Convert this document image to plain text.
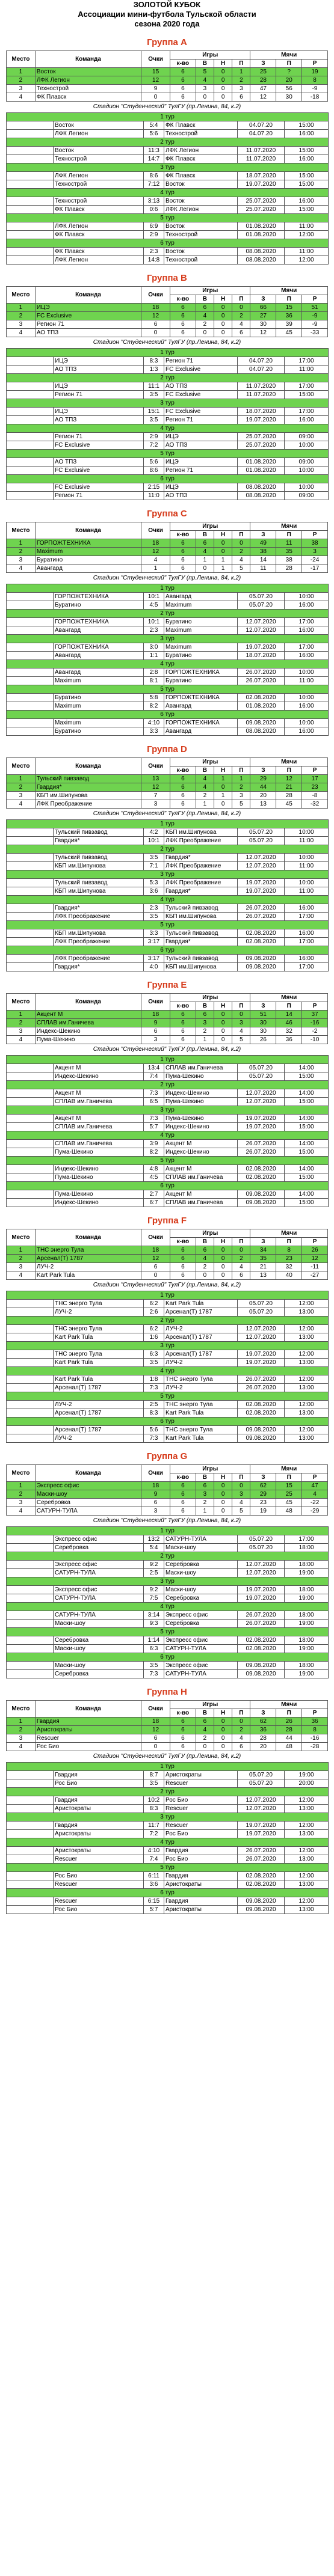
ЗОЛОТОЙ КУБОК
Ассоциации мини-футбола Тульской области
сезона 2020 года
Группа А
Место	Команда	Очки	Игры				Мячи		
			к-во	В	Н	П	З	П	Р
1	Восток	15	6	5	0	1	25	?	19
2	ЛФК Легион	12	6	4	0	2	28	20	8
3	Технострой	9	6	3	0	3	47	56	-9
4	ФК Плавск	0	6	0	0	6	12	30	-18
Стадион "Студенческий" ТулГУ (пр.Ленина, 84, к.2)
1 тур					
	Восток	5:4	ФК Плавск	04.07.20	15:00
	ЛФК Легион	5:6	Технострой	04.07.20	16:00
2 тур					
	Восток	11:3	ЛФК Легион	11.07.2020	15:00
	Технострой	14:7	ФК Плавск	11.07.2020	16:00
3 тур					
	ЛФК Легион	8:6	ФК Плавск	18.07.2020	15:00
	Технострой	7:12	Восток	19.07.2020	15:00
4 тур					
	Технострой	3:13	Восток	25.07.2020	16:00
	ФК Плавск	0:6	ЛФК Легион	25.07.2020	15:00
5 тур					
	ЛФК Легион	6:9	Восток	01.08.2020	11:00
	ФК Плавск	2:9	Технострой	01.08.2020	12:00
6 тур					
	ФК Плавск	2:3	Восток	08.08.2020	11:00
	ЛФК Легион	14:8	Технострой	08.08.2020	12:00
Группа В
Место	Команда	Очки	Игры				Мячи		
			к-во	В	Н	П	З	П	Р
1	ИЦЭ	18	6	6	0	0	66	15	51
2	FC Exclusive	12	6	4	0	2	27	36	-9
3	Регион 71	6	6	2	0	4	30	39	-9
4	АО ТПЗ	0	6	0	0	6	12	45	-33
Стадион "Студенческий" ТулГУ (пр.Ленина, 84, к.2)
1 тур					
	ИЦЭ	8:3	Регион 71	04.07.20	17:00
	АО ТПЗ	1:3	FC Exclusive	04.07.20	11:00
2 тур					
	ИЦЭ	11:1	АО ТПЗ	11.07.2020	17:00
	Регион 71	3:5	FC Exclusive	11.07.2020	15:00
3 тур					
	ИЦЭ	15:1	FC Exclusive	18.07.2020	17:00
	АО ТПЗ	3:5	Регион 71	19.07.2020	16:00
4 тур					
	Регион 71	2:9	ИЦЭ	25.07.2020	09:00
	FC Exclusive	7:2	АО ТПЗ	25.07.2020	10:00
5 тур					
	АО ТПЗ	5:6	ИЦЭ	01.08.2020	09:00
	FC Exclusive	8:6	Регион 71	01.08.2020	10:00
6 тур					
	FC Exclusive	2:15	ИЦЭ	08.08.2020	10:00
	Регион 71	11:0	АО ТПЗ	08.08.2020	09:00
Группа C
Место	Команда	Очки	Игры				Мячи		
			к-во	В	Н	П	З	П	Р
1	ГОРПОЖТЕХНИКА	18	6	6	0	0	49	11	38
2	Maximum	12	6	4	0	2	38	35	3
3	Буратино	4	6	1	1	4	14	38	-24
4	Авангард	1	6	0	1	5	11	28	-17
Стадион "Студенческий" ТулГУ (пр.Ленина, 84, к.2)
1 тур					
	ГОРПОЖТЕХНИКА	10:1	Авангард	05.07.20	10:00
	Буратино	4:5	Maximum	05.07.20	16:00
2 тур					
	ГОРПОЖТЕХНИКА	10:1	Буратино	12.07.2020	17:00
	Авангард	2:3	Maximum	12.07.2020	16:00
3 тур					
	ГОРПОЖТЕХНИКА	3:0	Maximum	19.07.2020	17:00
	Авангард	1:1	Буратино	18.07.2020	16:00
4 тур					
	Авангард	2:8	ГОРПОЖТЕХНИКА	26.07.2020	10:00
	Maximum	8:1	Буратино	26.07.2020	11:00
5 тур					
	Буратино	5:8	ГОРПОЖТЕХНИКА	02.08.2020	10:00
	Maximum	8:2	Авангард	01.08.2020	16:00
6 тур					
	Maximum	4:10	ГОРПОЖТЕХНИКА	09.08.2020	10:00
	Буратино	3:3	Авангард	08.08.2020	16:00
Группа D
Место	Команда	Очки	Игры				Мячи		
			к-во	В	Н	П	З	П	Р
1	Тульский пивзавод	13	6	4	1	1	29	12	17
2	Гвардия*	12	6	4	0	2	44	21	23
3	КБП им.Шипунова	7	6	2	1	3	20	28	-8
4	ЛФК Преображение	3	6	1	0	5	13	45	-32
Стадион "Студенческий" ТулГУ (пр.Ленина, 84, к.2)
1 тур					
	Тульский пивзавод	4:2	КБП им.Шипунова	05.07.20	10:00
	Гвардия*	10:1	ЛФК Преображение	05.07.20	11:00
2 тур					
	Тульский пивзавод	3:5	Гвардия*	12.07.2020	10:00
	КБП им.Шипунова	7:1	ЛФК Преображение	12.07.2020	11:00
3 тур					
	Тульский пивзавод	5:3	ЛФК Преображение	19.07.2020	10:00
	КБП им.Шипунова	3:6	Гвардия*	19.07.2020	11:00
4 тур					
	Гвардия*	2:3	Тульский пивзавод	26.07.2020	16:00
	ЛФК Преображение	3:5	КБП им.Шипунова	26.07.2020	17:00
5 тур					
	КБП им.Шипунова	3:3	Тульский пивзавод	02.08.2020	16:00
	ЛФК Преображение	3:17	Гвардия*	02.08.2020	17:00
6 тур					
	ЛФК Преображение	3:17	Тульский пивзавод	09.08.2020	16:00
	Гвардия*	4:0	КБП им.Шипунова	09.08.2020	17:00
Группа E
Место	Команда	Очки	Игры				Мячи		
			к-во	В	Н	П	З	П	Р
1	Акцент М	18	6	6	0	0	51	14	37
2	СПЛАВ им.Ганичева	9	6	3	0	3	30	46	-16
3	Индекс-Шекино	6	6	2	0	4	30	32	-2
4	Пума-Шекино	3	6	1	0	5	26	36	-10
Стадион "Студенческий" ТулГУ (пр.Ленина, 84, к.2)
1 тур					
	Акцент М	13:4	СПЛАВ им.Ганичева	05.07.20	14:00
	Индекс-Шекино	7:4	Пума-Шекино	05.07.20	15:00
2 тур					
	Акцент М	7:3	Индекс-Шекино	12.07.2020	14:00
	СПЛАВ им.Ганичева	6:5	Пума-Шекино	12.07.2020	15:00
3 тур					
	Акцент М	7:3	Пума-Шекино	19.07.2020	14:00
	СПЛАВ им.Ганичева	5:7	Индекс-Шекино	19.07.2020	15:00
4 тур					
	СПЛАВ им.Ганичева	3:9	Акцент М	26.07.2020	14:00
	Пума-Шекино	8:2	Индекс-Шекино	26.07.2020	15:00
5 тур					
	Индекс-Шекино	4:8	Акцент М	02.08.2020	14:00
	Пума-Шекино	4:5	СПЛАВ им.Ганичева	02.08.2020	15:00
6 тур					
	Пума-Шекино	2:7	Акцент М	09.08.2020	14:00
	Индекс-Шекино	6:7	СПЛАВ им.Ганичева	09.08.2020	15:00
Группа F
Место	Команда	Очки	Игры				Мячи		
			к-во	В	Н	П	З	П	Р
1	ТНС энерго Тула	18	6	6	0	0	34	8	26
2	Арсенал(Т) 1787	12	6	4	0	2	35	23	12
3	ЛУЧ-2	6	6	2	0	4	21	32	-11
4	Kart Park Tula	0	6	0	0	6	13	40	-27
Стадион "Студенческий" ТулГУ (пр.Ленина, 84, к.2)
1 тур					
	ТНС энерго Тула	6:2	Kart Park Tula	05.07.20	12:00
	ЛУЧ-2	2:6	Арсенал(Т) 1787	05.07.20	13:00
2 тур					
	ТНС энерго Тула	6:2	ЛУЧ-2	12.07.2020	12:00
	Kart Park Tula	1:6	Арсенал(Т) 1787	12.07.2020	13:00
3 тур					
	ТНС энерго Тула	6:3	Арсенал(Т) 1787	19.07.2020	12:00
	Kart Park Tula	3:5	ЛУЧ-2	19.07.2020	13:00
4 тур					
	Kart Park Tula	1:8	ТНС энерго Тула	26.07.2020	12:00
	Арсенал(Т) 1787	7:3	ЛУЧ-2	26.07.2020	13:00
5 тур					
	ЛУЧ-2	2:5	ТНС энерго Тула	02.08.2020	12:00
	Арсенал(Т) 1787	8:3	Kart Park Tula	02.08.2020	13:00
6 тур					
	Арсенал(Т) 1787	5:6	ТНС энерго Тула	09.08.2020	12:00
	ЛУЧ-2	7:3	Kart Park Tula	09.08.2020	13:00
Группа G
Место	Команда	Очки	Игры				Мячи		
			к-во	В	Н	П	З	П	Р
1	Экспресс офис	18	6	6	0	0	62	15	47
2	Маски-шоу	9	6	3	0	3	29	25	4
3	Серебровка	6	6	2	0	4	23	45	-22
4	САТУРН-ТУЛА	3	6	1	0	5	19	48	-29
Стадион "Студенческий" ТулГУ (пр.Ленина, 84, к.2)
1 тур					
	Экспресс офис	13:2	САТУРН-ТУЛА	05.07.20	17:00
	Серебровка	5:4	Маски-шоу	05.07.20	18:00
2 тур					
	Экспресс офис	9:2	Серебровка	12.07.2020	18:00
	САТУРН-ТУЛА	2:5	Маски-шоу	12.07.2020	19:00
3 тур					
	Экспресс офис	9:2	Маски-шоу	19.07.2020	18:00
	САТУРН-ТУЛА	7:5	Серебровка	19.07.2020	19:00
4 тур					
	САТУРН-ТУЛА	3:14	Экспресс офис	26.07.2020	18:00
	Маски-шоу	9:3	Серебровка	26.07.2020	19:00
5 тур					
	Серебровка	1:14	Экспресс офис	02.08.2020	18:00
	Маски-шоу	6:3	САТУРН-ТУЛА	02.08.2020	19:00
6 тур					
	Маски-шоу	3:5	Экспресс офис	09.08.2020	18:00
	Серебровка	7:3	САТУРН-ТУЛА	09.08.2020	19:00
Группа H
Место	Команда	Очки	Игры				Мячи		
			к-во	В	Н	П	З	П	Р
1	Гвардия	18	6	6	0	0	62	26	36
2	Аристократы	12	6	4	0	2	36	28	8
3	Rescuer	6	6	2	0	4	28	44	-16
4	Рос Био	0	6	0	0	6	20	48	-28
Стадион "Студенческий" ТулГУ (пр.Ленина, 84, к.2)
1 тур					
	Гвардия	8:7	Аристократы	05.07.20	19:00
	Рос Био	3:5	Rescuer	05.07.20	20:00
2 тур					
	Гвардия	10:2	Рос Био	12.07.2020	12:00
	Аристократы	8:3	Rescuer	12.07.2020	13:00
3 тур					
	Гвардия	11:7	Rescuer	19.07.2020	12:00
	Аристократы	7:2	Рос Био	19.07.2020	13:00
4 тур					
	Аристократы	4:10	Гвардия	26.07.2020	12:00
	Rescuer	7:4	Рос Био	26.07.2020	13:00
5 тур					
	Рос Био	6:11	Гвардия	02.08.2020	12:00
	Rescuer	3:6	Аристократы	02.08.2020	13:00
6 тур					
	Rescuer	6:15	Гвардия	09.08.2020	12:00
	Рос Био	5:7	Аристократы	09.08.2020	13:00
